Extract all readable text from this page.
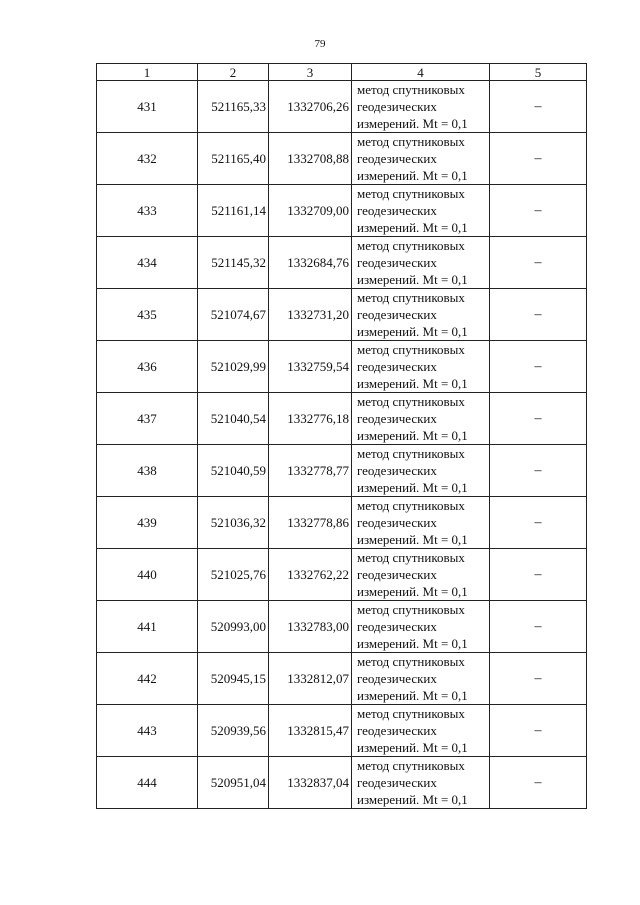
79
1	2	3	4	5
431	521165,33	1332706,26	метод спутниковых
геодезических
измерений. Mt = 0,1	–
432	521165,40	1332708,88	метод спутниковых
геодезических
измерений. Mt = 0,1	–
433	521161,14	1332709,00	метод спутниковых
геодезических
измерений. Mt = 0,1	–
434	521145,32	1332684,76	метод спутниковых
геодезических
измерений. Mt = 0,1	–
435	521074,67	1332731,20	метод спутниковых
геодезических
измерений. Mt = 0,1	–
436	521029,99	1332759,54	метод спутниковых
геодезических
измерений. Mt = 0,1	–
437	521040,54	1332776,18	метод спутниковых
геодезических
измерений. Mt = 0,1	–
438	521040,59	1332778,77	метод спутниковых
геодезических
измерений. Mt = 0,1	–
439	521036,32	1332778,86	метод спутниковых
геодезических
измерений. Mt = 0,1	–
440	521025,76	1332762,22	метод спутниковых
геодезических
измерений. Mt = 0,1	–
441	520993,00	1332783,00	метод спутниковых
геодезических
измерений. Mt = 0,1	–
442	520945,15	1332812,07	метод спутниковых
геодезических
измерений. Mt = 0,1	–
443	520939,56	1332815,47	метод спутниковых
геодезических
измерений. Mt = 0,1	–
444	520951,04	1332837,04	метод спутниковых
геодезических
измерений. Mt = 0,1	–
